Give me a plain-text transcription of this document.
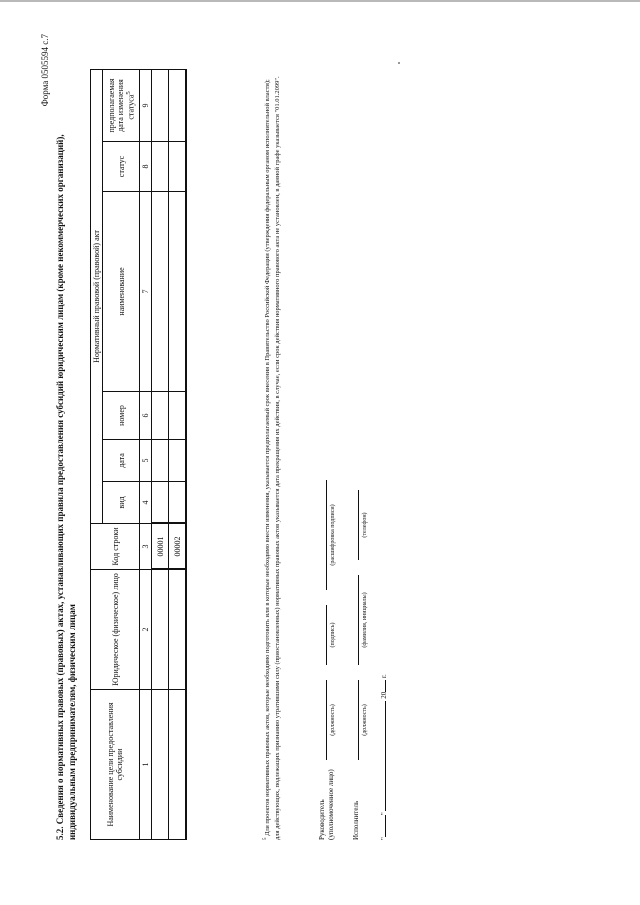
Форма 0505594 с.7
5.2. Сведения о нормативных правовых (правовых) актах, устанавливающих правила предоставления субсидий юридическим лицам (кроме некоммерческих организаций), индивидуальным предпринимателям, физическим лицам	Наименование цели предоставления субсидии	Юридическое (физическое) лицо	Код строки	Нормативный правовой (правовой) акт					
			вид	дата	номер	наименование	статус	предполагаемая дата изменения статуса$^5$
1	2	3	4	5	6	7	8	9
		00001						
		00002						
$^5$ Для проектов нормативных правовых актов, которые необходимо подготовить или в которые необходимо внести изменения, указывается предполагаемый срок внесения в Правительство Российской Федерации (утверждения федеральным органом исполнительной власти); для действующих, подлежащих признанию утратившими силу (приостановленных) нормативных правовых актов указывается дата прекращения их действия, в случае, если срок действия нормативного правового акта не установлен, в данной графе указывается "01.01.2099".	Руководитель (уполномоченное лицо)
(должность)
(подпись)
(расшифровка подписи)
Исполнитель
(должность)
(фамилия, инициалы)
(телефон)
""  20 г.
